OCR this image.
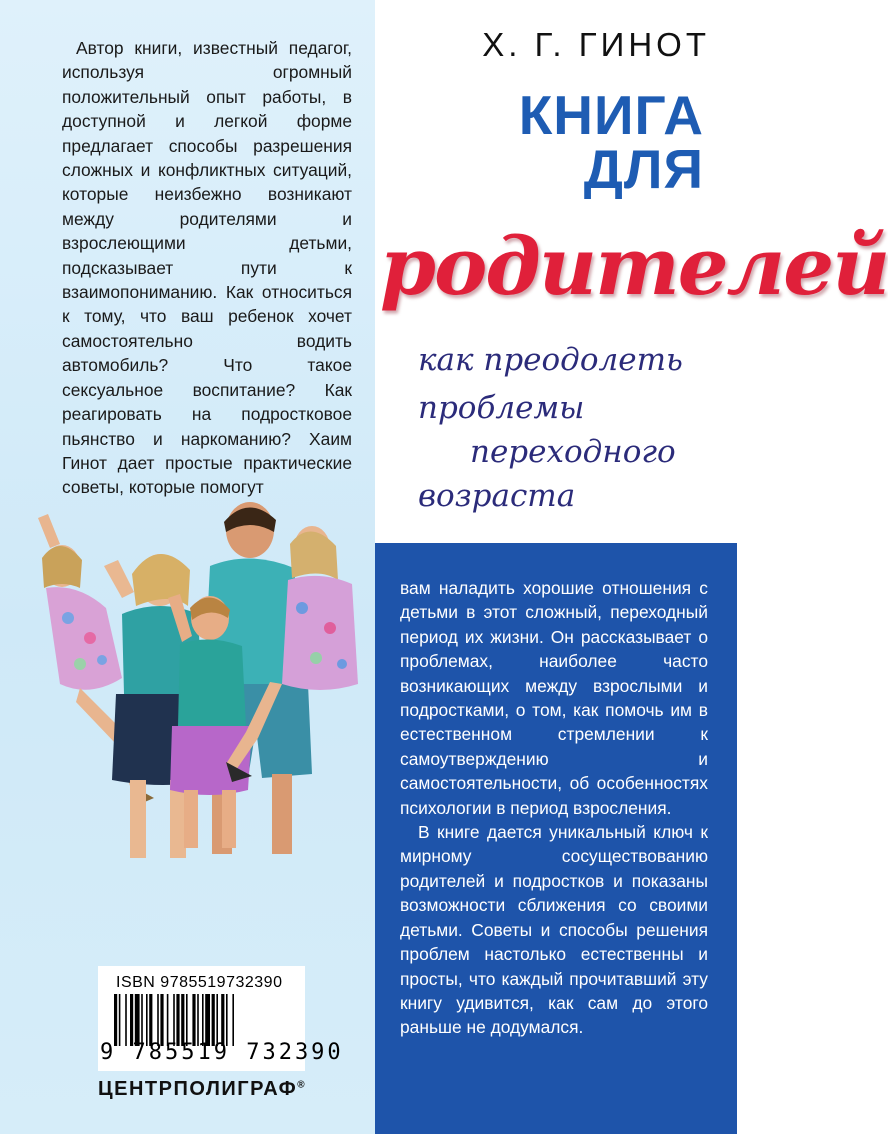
Автор книги, известный педагог, используя огромный положительный опыт работы, в доступной и легкой форме предлагает способы разрешения сложных и конфликтных ситуаций, которые неизбежно возникают между родителями и взрослеющими детьми, подсказывает пути к взаимопониманию. Как относиться к тому, что ваш ребенок хочет самостоятельно водить автомобиль? Что такое сексуальное воспитание? Как реагировать на подростковое пьянство и наркоманию? Хаим Гинот дает простые практические советы, которые помогут
Х. Г. ГИНОТ
КНИГА
ДЛЯ
родителей
как преодолеть
проблемы
переходного
возраста

вам наладить хорошие отношения с детьми в этот сложный, переходный период их жизни. Он рассказывает о проблемах, наиболее часто возникающих между взрослыми и подростками, о том, как помочь им в естественном стремлении к самоутверждению и самостоятельности, об особенностях психологии в период взросления.

В книге дается уникальный ключ к мирному сосуществованию родителей и подростков и показаны возможности сближения со своими детьми. Советы и способы решения проблем настолько естественны и просты, что каждый прочитавший эту книгу удивится, как сам до этого раньше не додумался.

ISBN 9785519732390
9 785519 732390
ЦЕНТРПОЛИГРАФ®
